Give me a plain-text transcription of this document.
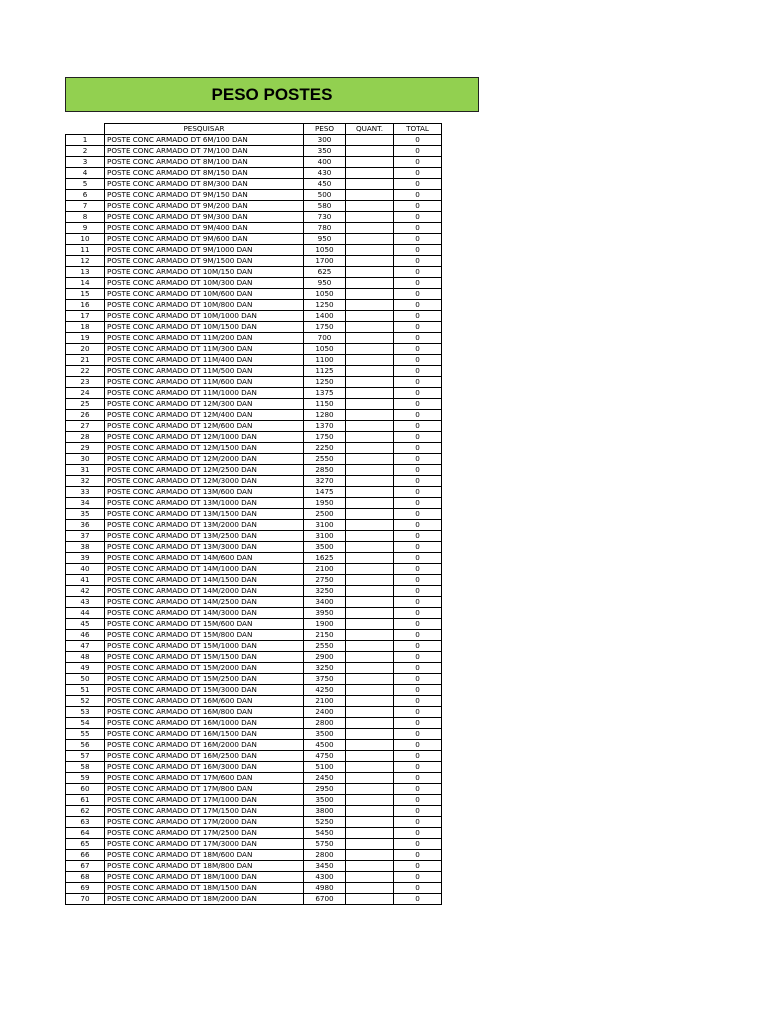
PESO POSTES
	PESQUISAR	PESO	QUANT.	TOTAL
1	POSTE CONC ARMADO DT 6M/100 DAN	300		0
2	POSTE CONC ARMADO DT 7M/100 DAN	350		0
3	POSTE CONC ARMADO DT 8M/100 DAN	400		0
4	POSTE CONC ARMADO DT 8M/150 DAN	430		0
5	POSTE CONC ARMADO DT 8M/300 DAN	450		0
6	POSTE CONC ARMADO DT 9M/150 DAN	500		0
7	POSTE CONC ARMADO DT 9M/200 DAN	580		0
8	POSTE CONC ARMADO DT 9M/300 DAN	730		0
9	POSTE CONC ARMADO DT 9M/400 DAN	780		0
10	POSTE CONC ARMADO DT 9M/600 DAN	950		0
11	POSTE CONC ARMADO DT 9M/1000 DAN	1050		0
12	POSTE CONC ARMADO DT 9M/1500 DAN	1700		0
13	POSTE CONC ARMADO DT 10M/150 DAN	625		0
14	POSTE CONC ARMADO DT 10M/300 DAN	950		0
15	POSTE CONC ARMADO DT 10M/600 DAN	1050		0
16	POSTE CONC ARMADO DT 10M/800 DAN	1250		0
17	POSTE CONC ARMADO DT 10M/1000 DAN	1400		0
18	POSTE CONC ARMADO DT 10M/1500 DAN	1750		0
19	POSTE CONC ARMADO DT 11M/200 DAN	700		0
20	POSTE CONC ARMADO DT 11M/300 DAN	1050		0
21	POSTE CONC ARMADO DT 11M/400 DAN	1100		0
22	POSTE CONC ARMADO DT 11M/500 DAN	1125		0
23	POSTE CONC ARMADO DT 11M/600 DAN	1250		0
24	POSTE CONC ARMADO DT 11M/1000 DAN	1375		0
25	POSTE CONC ARMADO DT 12M/300 DAN	1150		0
26	POSTE CONC ARMADO DT 12M/400 DAN	1280		0
27	POSTE CONC ARMADO DT 12M/600 DAN	1370		0
28	POSTE CONC ARMADO DT 12M/1000 DAN	1750		0
29	POSTE CONC ARMADO DT 12M/1500 DAN	2250		0
30	POSTE CONC ARMADO DT 12M/2000 DAN	2550		0
31	POSTE CONC ARMADO DT 12M/2500 DAN	2850		0
32	POSTE CONC ARMADO DT 12M/3000 DAN	3270		0
33	POSTE CONC ARMADO DT 13M/600 DAN	1475		0
34	POSTE CONC ARMADO DT 13M/1000 DAN	1950		0
35	POSTE CONC ARMADO DT 13M/1500 DAN	2500		0
36	POSTE CONC ARMADO DT 13M/2000 DAN	3100		0
37	POSTE CONC ARMADO DT 13M/2500 DAN	3100		0
38	POSTE CONC ARMADO DT 13M/3000 DAN	3500		0
39	POSTE CONC ARMADO DT 14M/600 DAN	1625		0
40	POSTE CONC ARMADO DT 14M/1000 DAN	2100		0
41	POSTE CONC ARMADO DT 14M/1500 DAN	2750		0
42	POSTE CONC ARMADO DT 14M/2000 DAN	3250		0
43	POSTE CONC ARMADO DT 14M/2500 DAN	3400		0
44	POSTE CONC ARMADO DT 14M/3000 DAN	3950		0
45	POSTE CONC ARMADO DT 15M/600 DAN	1900		0
46	POSTE CONC ARMADO DT 15M/800 DAN	2150		0
47	POSTE CONC ARMADO DT 15M/1000 DAN	2550		0
48	POSTE CONC ARMADO DT 15M/1500 DAN	2900		0
49	POSTE CONC ARMADO DT 15M/2000 DAN	3250		0
50	POSTE CONC ARMADO DT 15M/2500 DAN	3750		0
51	POSTE CONC ARMADO DT 15M/3000 DAN	4250		0
52	POSTE CONC ARMADO DT 16M/600 DAN	2100		0
53	POSTE CONC ARMADO DT 16M/800 DAN	2400		0
54	POSTE CONC ARMADO DT 16M/1000 DAN	2800		0
55	POSTE CONC ARMADO DT 16M/1500 DAN	3500		0
56	POSTE CONC ARMADO DT 16M/2000 DAN	4500		0
57	POSTE CONC ARMADO DT 16M/2500 DAN	4750		0
58	POSTE CONC ARMADO DT 16M/3000 DAN	5100		0
59	POSTE CONC ARMADO DT 17M/600 DAN	2450		0
60	POSTE CONC ARMADO DT 17M/800 DAN	2950		0
61	POSTE CONC ARMADO DT 17M/1000 DAN	3500		0
62	POSTE CONC ARMADO DT 17M/1500 DAN	3800		0
63	POSTE CONC ARMADO DT 17M/2000 DAN	5250		0
64	POSTE CONC ARMADO DT 17M/2500 DAN	5450		0
65	POSTE CONC ARMADO DT 17M/3000 DAN	5750		0
66	POSTE CONC ARMADO DT 18M/600 DAN	2800		0
67	POSTE CONC ARMADO DT 18M/800 DAN	3450		0
68	POSTE CONC ARMADO DT 18M/1000 DAN	4300		0
69	POSTE CONC ARMADO DT 18M/1500 DAN	4980		0
70	POSTE CONC ARMADO DT 18M/2000 DAN	6700		0
